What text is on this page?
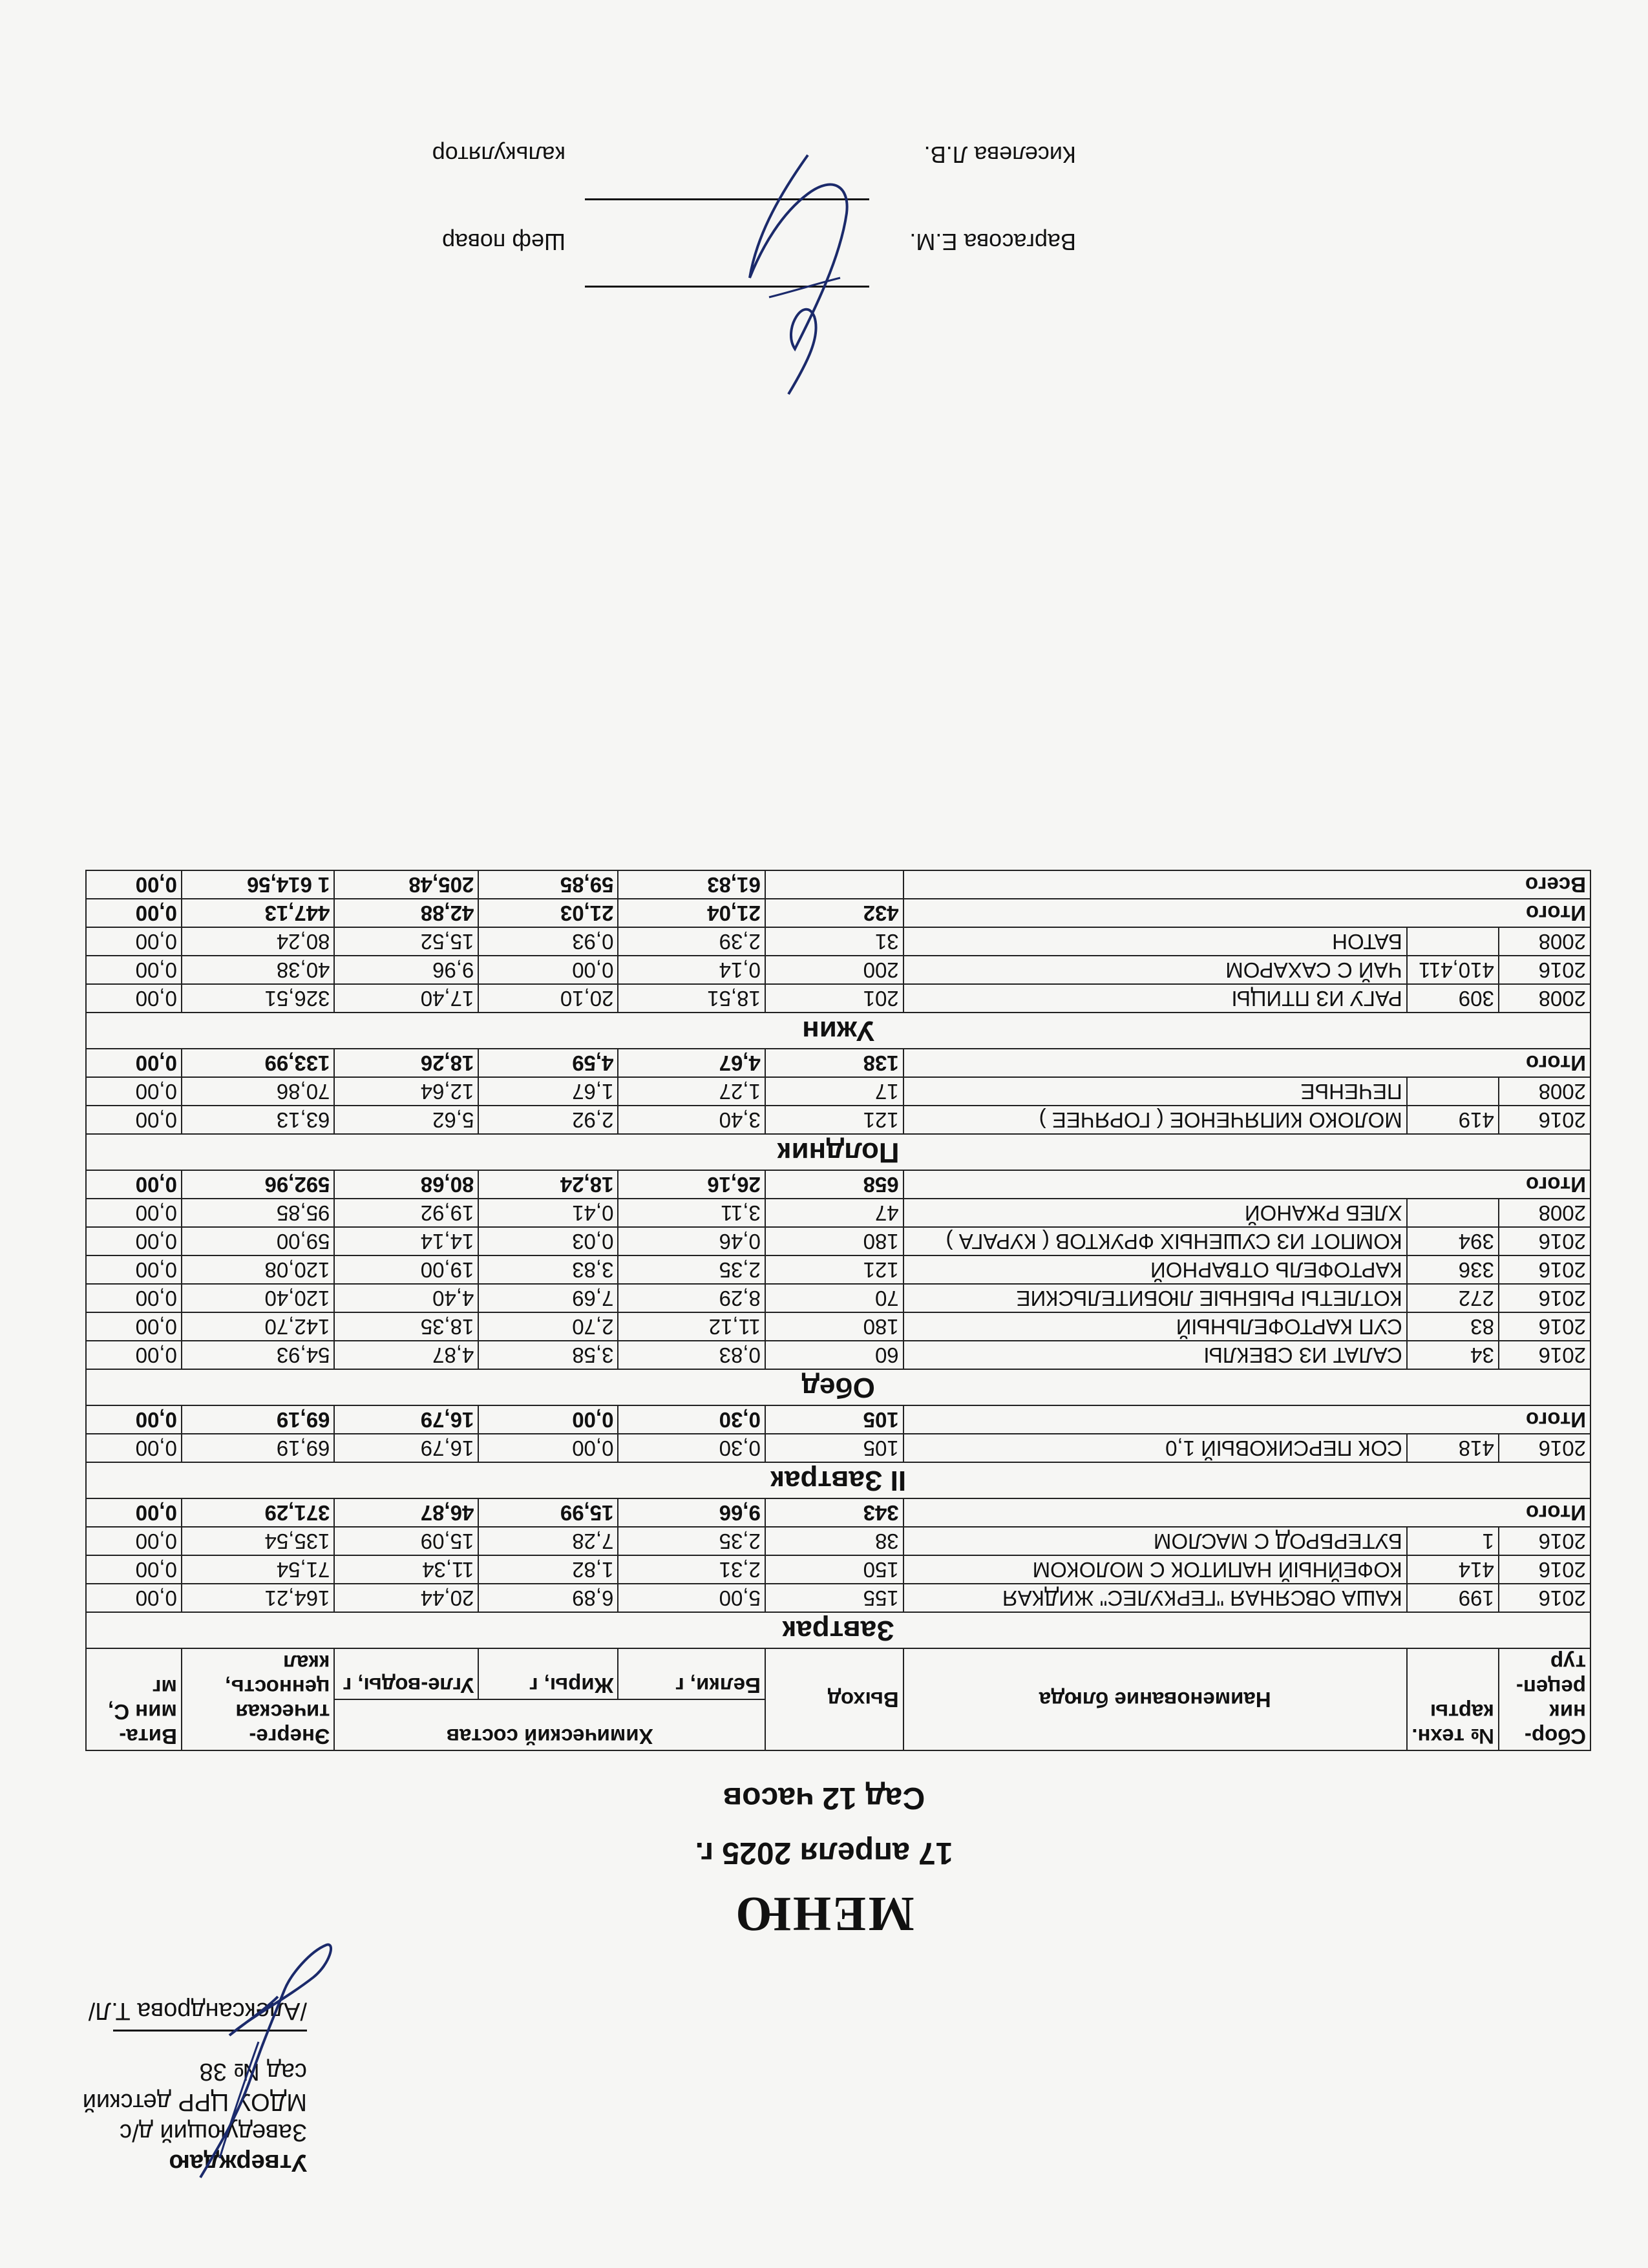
Утверждаю
Заведующий д/с
МДОУ ЦРР детский сад № 38
/Александрова Т.Л/
МЕНЮ
17 апреля 2025 г.
Сад 12 часов
Сбор-ник рецеп-тур	№ техн. карты	Наименование блюда	Выход	Химический состав			Энерге-тическая ценность, ккал	Вита-мин С, мг
				Белки, г	Жиры, г	Угле-воды, г		
Завтрак								
2016	199	КАША ОВСЯНАЯ "ГЕРКУЛЕС" ЖИДКАЯ	155	5,00	6,89	20,44	164,21	0,00
2016	414	КОФЕЙНЫЙ НАПИТОК С МОЛОКОМ	150	2,31	1,82	11,34	71,54	0,00
2016	1	БУТЕРБРОД С МАСЛОМ	38	2,35	7,28	15,09	135,54	0,00
Итого			343	9,66	15,99	46,87	371,29	0,00
II Завтрак								
2016	418	СОК ПЕРСИКОВЫЙ 1,0	105	0,30	0,00	16,79	69,19	0,00
Итого			105	0,30	0,00	16,79	69,19	0,00
Обед								
2016	34	САЛАТ ИЗ СВЕКЛЫ	60	0,83	3,58	4,87	54,93	0,00
2016	83	СУП КАРТОФЕЛЬНЫЙ	180	11,12	2,70	18,35	142,70	0,00
2016	272	КОТЛЕТЫ РЫБНЫЕ ЛЮБИТЕЛЬСКИЕ	70	8,29	7,69	4,40	120,40	0,00
2016	336	КАРТОФЕЛЬ ОТВАРНОЙ	121	2,35	3,83	19,00	120,08	0,00
2016	394	КОМПОТ ИЗ СУШЕНЫХ ФРУКТОВ ( КУРАГА )	180	0,46	0,03	14,14	59,00	0,00
2008		ХЛЕБ РЖАНОЙ	47	3,11	0,41	19,92	95,85	0,00
Итого			658	26,16	18,24	80,68	592,96	0,00
Полдник								
2016	419	МОЛОКО КИПЯЧЕНОЕ ( ГОРЯЧЕЕ )	121	3,40	2,92	5,62	63,13	0,00
2008		ПЕЧЕНЬЕ	17	1,27	1,67	12,64	70,86	0,00
Итого			138	4,67	4,59	18,26	133,99	0,00
Ужин								
2008	309	РАГУ ИЗ ПТИЦЫ	201	18,51	20,10	17,40	326,51	0,00
2016	410,411	ЧАЙ С САХАРОМ	200	0,14	0,00	9,96	40,38	0,00
2008		БАТОН	31	2,39	0,93	15,52	80,24	0,00
Итого			432	21,04	21,03	42,88	447,13	0,00
Всего				61,83	59,85	205,48	1 614,56	0,00
Шеф повар	Варгасова Е.М.
калькулятор	Киселева Л.В.
